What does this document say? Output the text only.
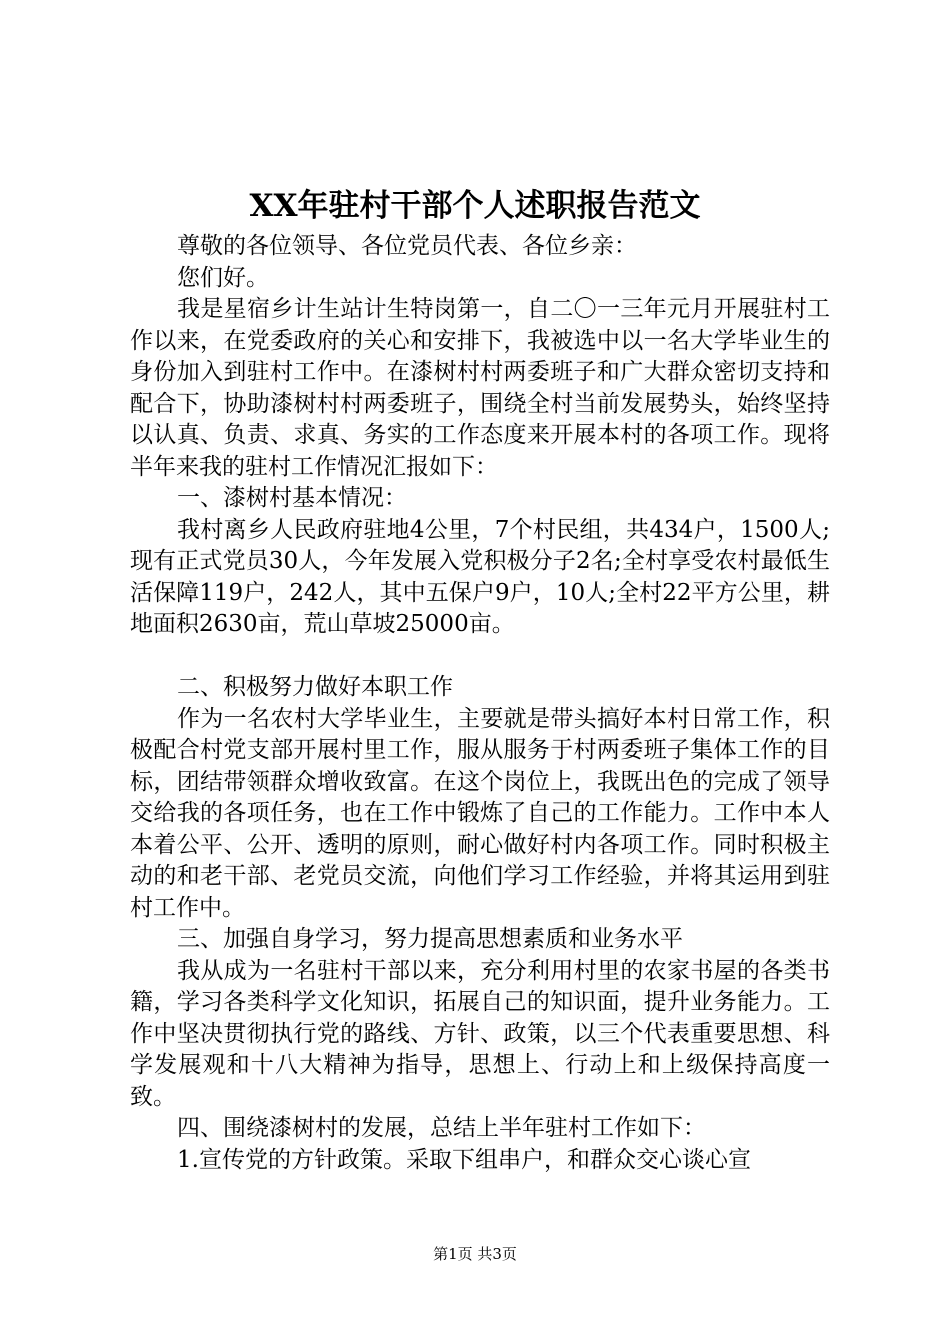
XX年驻村干部个人述职报告范文

尊敬的各位领导、各位党员代表、各位乡亲：

您们好。

我是星宿乡计生站计生特岗第一，自二〇一三年元月开展驻村工作以来，在党委政府的关心和安排下，我被选中以一名大学毕业生的身份加入到驻村工作中。在漆树村村两委班子和广大群众密切支持和配合下，协助漆树村村两委班子，围绕全村当前发展势头，始终坚持以认真、负责、求真、务实的工作态度来开展本村的各项工作。现将半年来我的驻村工作情况汇报如下：

一、漆树村基本情况：

我村离乡人民政府驻地4公里，7个村民组，共434户，1500人;现有正式党员30人，今年发展入党积极分子2名;全村享受农村最低生活保障119户，242人，其中五保户9户，10人;全村22平方公里，耕地面积2630亩，荒山草坡25000亩。

二、积极努力做好本职工作

作为一名农村大学毕业生，主要就是带头搞好本村日常工作，积极配合村党支部开展村里工作，服从服务于村两委班子集体工作的目标，团结带领群众增收致富。在这个岗位上，我既出色的完成了领导交给我的各项任务，也在工作中锻炼了自己的工作能力。工作中本人本着公平、公开、透明的原则，耐心做好村内各项工作。同时积极主动的和老干部、老党员交流，向他们学习工作经验，并将其运用到驻村工作中。

三、加强自身学习，努力提高思想素质和业务水平

我从成为一名驻村干部以来，充分利用村里的农家书屋的各类书籍，学习各类科学文化知识，拓展自己的知识面，提升业务能力。工作中坚决贯彻执行党的路线、方针、政策，以三个代表重要思想、科学发展观和十八大精神为指导，思想上、行动上和上级保持高度一致。

四、围绕漆树村的发展，总结上半年驻村工作如下：

1.宣传党的方针政策。采取下组串户，和群众交心谈心宣

第1页 共3页
